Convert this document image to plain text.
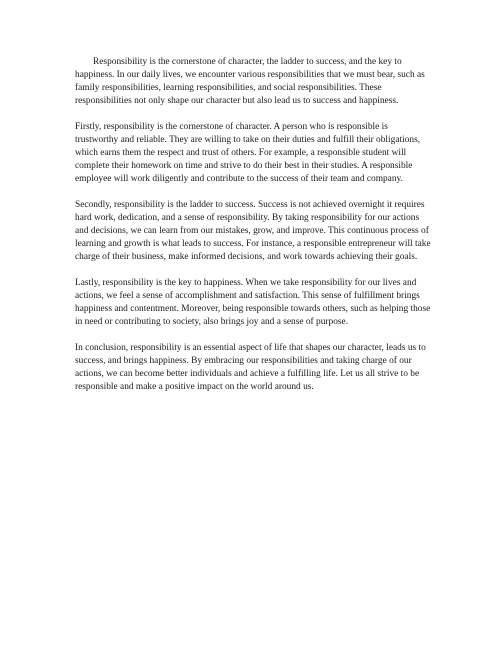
Responsibility is the cornerstone of character, the ladder to success, and the key to happiness. In our daily lives, we encounter various responsibilities that we must bear, such as family responsibilities, learning responsibilities, and social responsibilities. These responsibilities not only shape our character but also lead us to success and happiness.

Firstly, responsibility is the cornerstone of character. A person who is responsible is trustworthy and reliable. They are willing to take on their duties and fulfill their obligations, which earns them the respect and trust of others. For example, a responsible student will complete their homework on time and strive to do their best in their studies. A responsible employee will work diligently and contribute to the success of their team and company.

Secondly, responsibility is the ladder to success. Success is not achieved overnight it requires hard work, dedication, and a sense of responsibility. By taking responsibility for our actions and decisions, we can learn from our mistakes, grow, and improve. This continuous process of learning and growth is what leads to success. For instance, a responsible entrepreneur will take charge of their business, make informed decisions, and work towards achieving their goals.

Lastly, responsibility is the key to happiness. When we take responsibility for our lives and actions, we feel a sense of accomplishment and satisfaction. This sense of fulfillment brings happiness and contentment. Moreover, being responsible towards others, such as helping those in need or contributing to society, also brings joy and a sense of purpose.

In conclusion, responsibility is an essential aspect of life that shapes our character, leads us to success, and brings happiness. By embracing our responsibilities and taking charge of our actions, we can become better individuals and achieve a fulfilling life. Let us all strive to be responsible and make a positive impact on the world around us.
